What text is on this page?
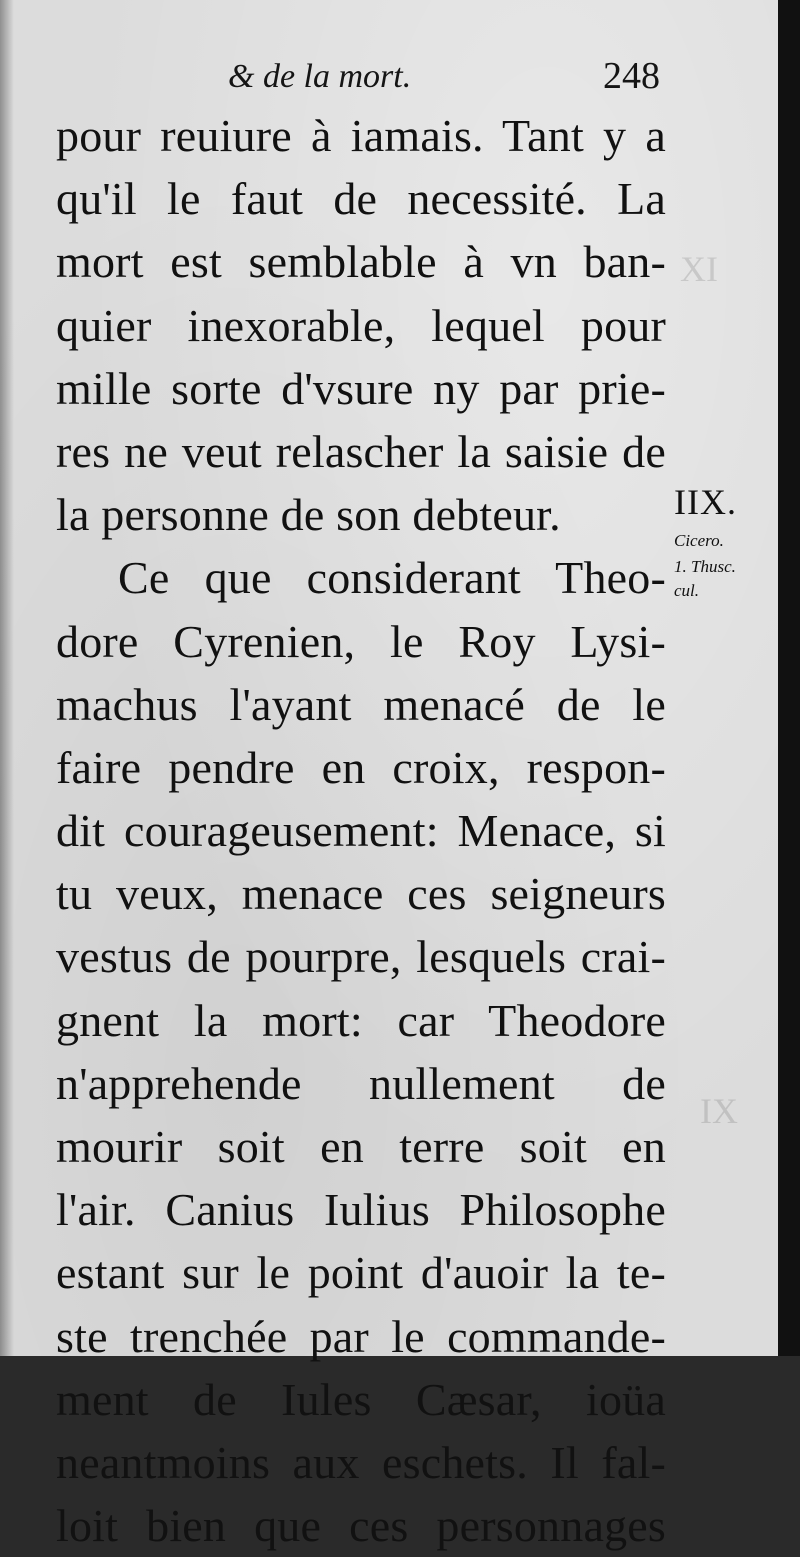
XI
IX
& de la mort.	248
pour reuiure à iamais. Tant y a
qu'il le faut de necessité. La
mort est semblable à vn ban-
quier inexorable, lequel pour
mille sorte d'vsure ny par prie-
res ne veut relascher la saisie de
la personne de son debteur.
Ce que considerant Theo-
dore Cyrenien, le Roy Lysi-
machus l'ayant menacé de le
faire pendre en croix, respon-
dit courageusement: Menace, si
tu veux, menace ces seigneurs
vestus de pourpre, lesquels crai-
gnent la mort: car Theodore
n'apprehende nullement de
mourir soit en terre soit en
l'air. Canius Iulius Philosophe
estant sur le point d'auoir la te-
ste trenchée par le commande-
ment de Iules Cæsar, ioüa
neantmoins aux eschets. Il fal-
loit bien que ces personnages
IIX.
Cicero.
1. Thusc.
cul.
